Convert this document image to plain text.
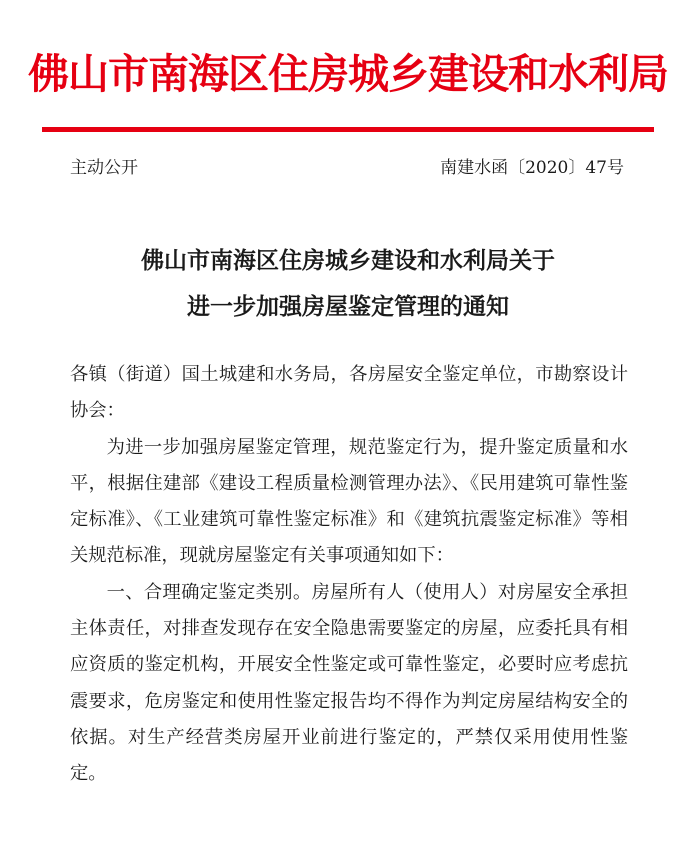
佛山市南海区住房城乡建设和水利局
主动公开	南建水函〔2020〕47号
佛山市南海区住房城乡建设和水利局关于
进一步加强房屋鉴定管理的通知

各镇（街道）国土城建和水务局，各房屋安全鉴定单位，市勘察设计协会：

为进一步加强房屋鉴定管理，规范鉴定行为，提升鉴定质量和水平，根据住建部《建设工程质量检测管理办法》、《民用建筑可靠性鉴定标准》、《工业建筑可靠性鉴定标准》和《建筑抗震鉴定标准》等相关规范标准，现就房屋鉴定有关事项通知如下：

一、合理确定鉴定类别。房屋所有人（使用人）对房屋安全承担主体责任，对排查发现存在安全隐患需要鉴定的房屋，应委托具有相应资质的鉴定机构，开展安全性鉴定或可靠性鉴定，必要时应考虑抗震要求，危房鉴定和使用性鉴定报告均不得作为判定房屋结构安全的依据。对生产经营类房屋开业前进行鉴定的，严禁仅采用使用性鉴定。
